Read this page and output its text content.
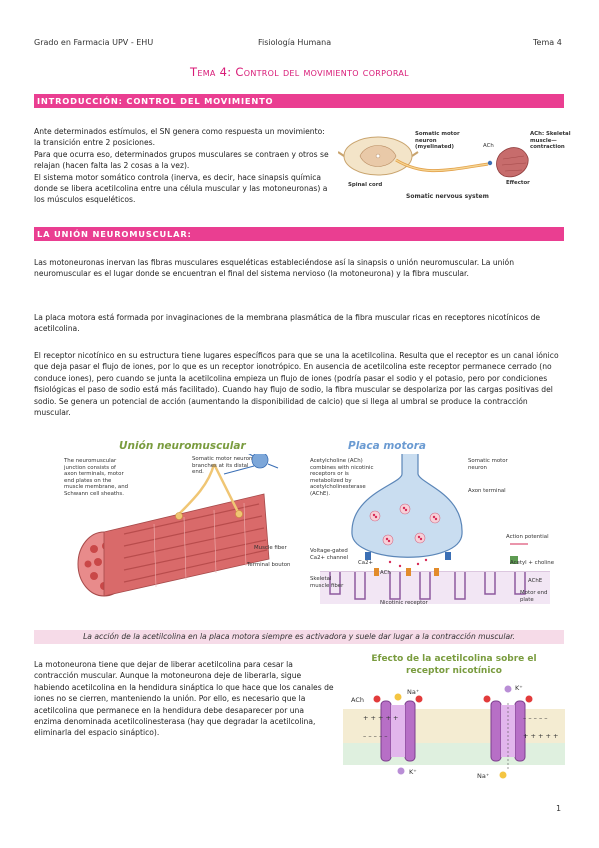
Grado en Farmacia UPV - EHU	Fisiología Humana	Tema 4
Tema 4: Control del movimiento corporal
INTRODUCCIÓN: CONTROL DEL MOVIMIENTO
Ante determinados estímulos, el SN genera como respuesta un movimiento: la transición entre 2 posiciones.
Para que ocurra eso, determinados grupos musculares se contraen y otros se relajan (hacen falta las 2 cosas a la vez).
El sistema motor somático controla (inerva, es decir, hace sinapsis química donde se libera acetilcolina entre una célula muscular y las motoneuronas) a los músculos esqueléticos.
Somatic motor neuron (myelinated)	ACh
ACh: Skeletal muscle—contraction
Spinal cord	Effector
Somatic nervous system
LA UNIÓN NEUROMUSCULAR:
Las motoneuronas inervan las fibras musculares esqueléticas estableciéndose así la sinapsis o unión neuromuscular. La unión neuromuscular es el lugar donde se encuentran el final del sistema nervioso (la motoneurona) y la fibra muscular.
La placa motora está formada por invaginaciones de la membrana plasmática de la fibra muscular ricas en receptores nicotínicos de acetilcolina.
El receptor nicotínico en su estructura tiene lugares específicos para que se una la acetilcolina. Resulta que el receptor es un canal iónico que deja pasar el flujo de iones, por lo que es un receptor ionotrópico. En ausencia de acetilcolina este receptor permanece cerrado (no conduce iones), pero cuando se junta la acetilcolina empieza un flujo de iones (podría pasar el sodio y el potasio, pero por condiciones fisiológicas el paso de sodio está más facilitado). Cuando hay flujo de sodio, la fibra muscular se despolariza por las cargas positivas del sodio. Se genera un potencial de acción (aumentando la disponibilidad de calcio) que si llega al umbral se produce la contracción muscular.
Unión neuromuscular
The neuromuscular junction consists of axon terminals, motor end plates on the muscle membrane, and Schwann cell sheaths.
Somatic motor neuron branches at its distal end.
Muscle fiber
Terminal bouton
Placa motora
Acetylcholine (ACh) combines with nicotinic receptors or is metabolized by acetylcholinesterase (AChE).
Somatic motor neuron
Axon terminal
Action potential
Voltage-gated Ca2+ channel
Ca2+
ACh
Acetyl + choline
AChE
Skeletal muscle fiber
Motor end plate
Nicotinic receptor
La acción de la acetilcolina en la placa motora siempre es activadora y suele dar lugar a la contracción muscular.
La motoneurona tiene que dejar de liberar acetilcolina para cesar la contracción muscular. Aunque la motoneurona deje de liberarla, sigue habiendo acetilcolina en la hendidura sináptica lo que hace que los canales de iones no se cierren, manteniendo la unión. Por ello, es necesario que la acetilcolina que permanece en la hendidura debe desaparecer por una enzima denominada acetilcolinesterasa (hay que degradar la acetilcolina, eliminarla del espacio sináptico).
Efecto de la acetilcolina sobre el
receptor nicotínico
ACh
Na⁺
+ + + + +
– – – – –
K⁺
K⁺
– – – – –
+ + + + +
Na⁺
1
